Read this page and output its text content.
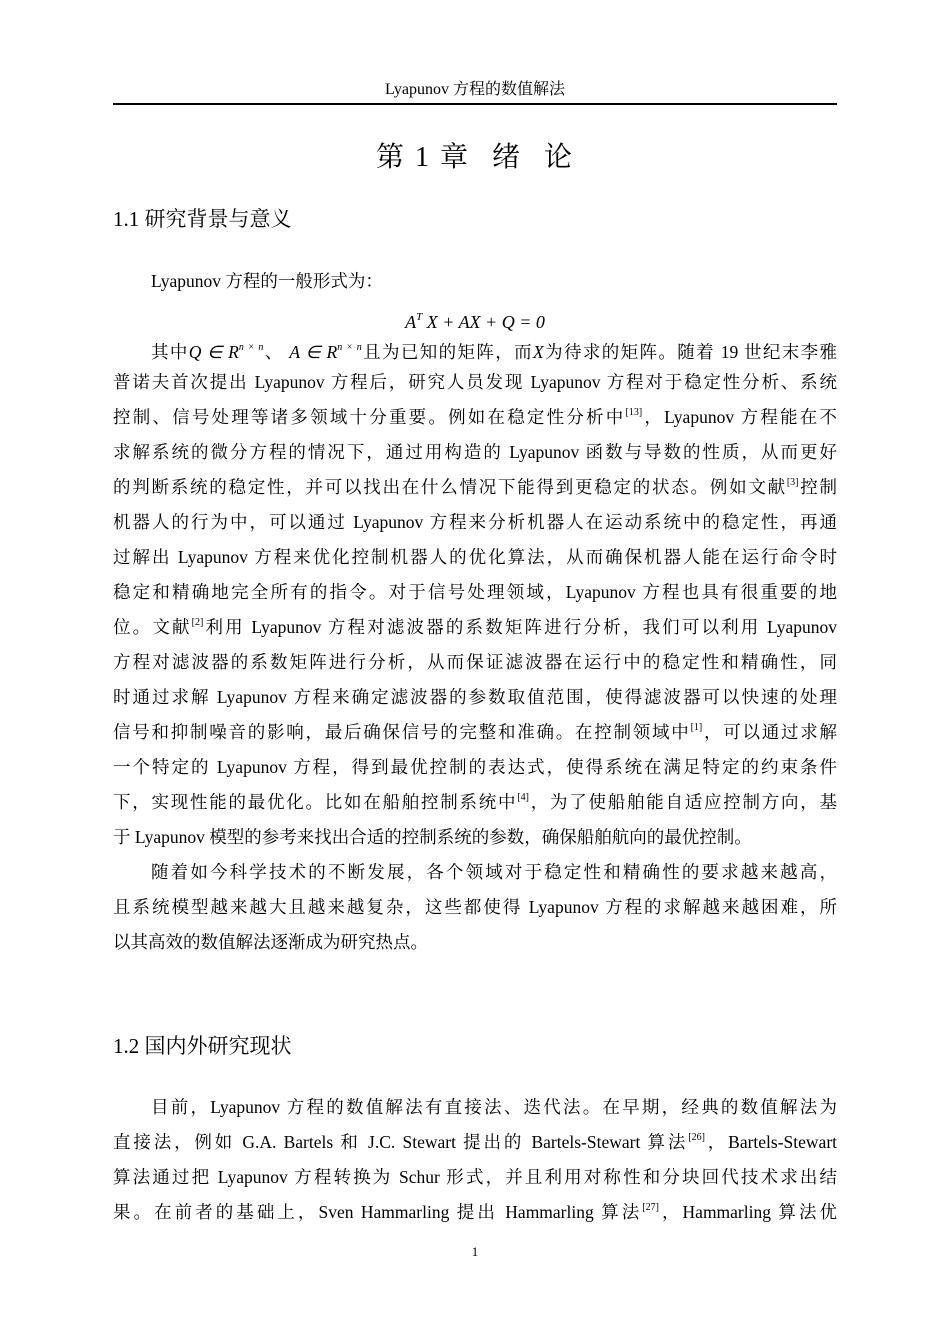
Lyapunov 方程的数值解法
第 1 章 绪 论
1.1 研究背景与意义
Lyapunov 方程的一般形式为：
$A^T$ X + AX + Q = 0
其中Q ∈ $R^{n \times n}$、 A ∈ $R^{n \times n}$且为已知的矩阵，而X为待求的矩阵。随着 19 世纪末李雅
普诺夫首次提出 Lyapunov 方程后，研究人员发现 Lyapunov 方程对于稳定性分析、系统
控制、信号处理等诸多领域十分重要。例如在稳定性分析中[13]，Lyapunov 方程能在不
求解系统的微分方程的情况下，通过用构造的 Lyapunov 函数与导数的性质，从而更好
的判断系统的稳定性，并可以找出在什么情况下能得到更稳定的状态。例如文献[3]控制
机器人的行为中，可以通过 Lyapunov 方程来分析机器人在运动系统中的稳定性，再通
过解出 Lyapunov 方程来优化控制机器人的优化算法，从而确保机器人能在运行命令时
稳定和精确地完全所有的指令。对于信号处理领域，Lyapunov 方程也具有很重要的地
位。文献[2]利用 Lyapunov 方程对滤波器的系数矩阵进行分析，我们可以利用 Lyapunov
方程对滤波器的系数矩阵进行分析，从而保证滤波器在运行中的稳定性和精确性，同
时通过求解 Lyapunov 方程来确定滤波器的参数取值范围，使得滤波器可以快速的处理
信号和抑制噪音的影响，最后确保信号的完整和准确。在控制领域中[1]，可以通过求解
一个特定的 Lyapunov 方程，得到最优控制的表达式，使得系统在满足特定的约束条件
下，实现性能的最优化。比如在船舶控制系统中[4]，为了使船舶能自适应控制方向，基
于 Lyapunov 模型的参考来找出合适的控制系统的参数，确保船舶航向的最优控制。
随着如今科学技术的不断发展，各个领域对于稳定性和精确性的要求越来越高，
且系统模型越来越大且越来越复杂，这些都使得 Lyapunov 方程的求解越来越困难，所
以其高效的数值解法逐渐成为研究热点。
1.2 国内外研究现状
目前，Lyapunov 方程的数值解法有直接法、迭代法。在早期，经典的数值解法为
直接法，例如 G.A. Bartels 和 J.C. Stewart 提出的 Bartels-Stewart 算法[26]，Bartels-Stewart
算法通过把 Lyapunov 方程转换为 Schur 形式，并且利用对称性和分块回代技术求出结
果。在前者的基础上，Sven Hammarling 提出 Hammarling 算法[27]，Hammarling 算法优
1
